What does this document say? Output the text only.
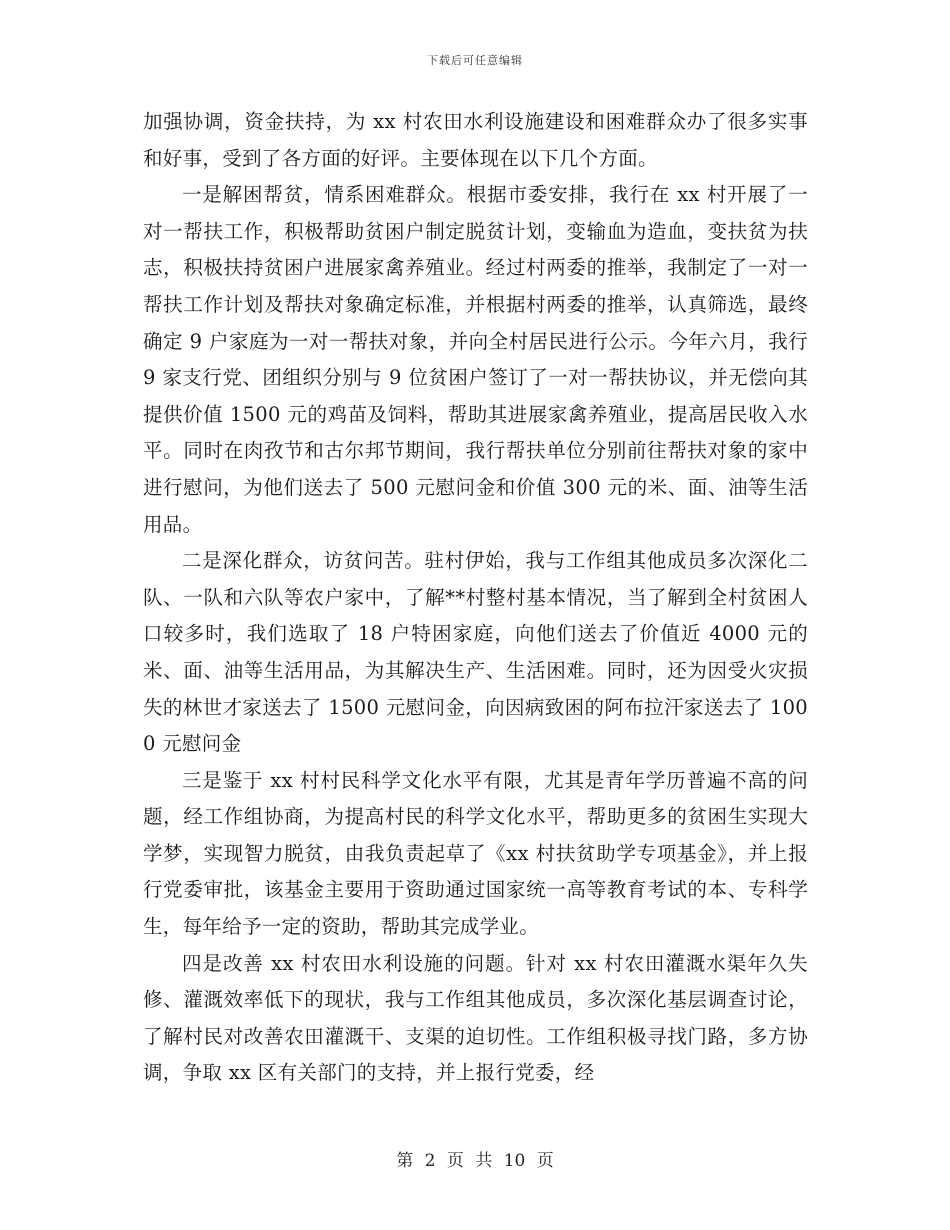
下载后可任意编辑

加强协调，资金扶持，为 xx 村农田水利设施建设和困难群众办了很多实事和好事，受到了各方面的好评。主要体现在以下几个方面。

一是解困帮贫，情系困难群众。根据市委安排，我行在 xx 村开展了一对一帮扶工作，积极帮助贫困户制定脱贫计划，变输血为造血，变扶贫为扶志，积极扶持贫困户进展家禽养殖业。经过村两委的推举，我制定了一对一帮扶工作计划及帮扶对象确定标准，并根据村两委的推举，认真筛选，最终确定 9 户家庭为一对一帮扶对象，并向全村居民进行公示。今年六月，我行 9 家支行党、团组织分别与 9 位贫困户签订了一对一帮扶协议，并无偿向其提供价值 1500 元的鸡苗及饲料，帮助其进展家禽养殖业，提高居民收入水平。同时在肉孜节和古尔邦节期间，我行帮扶单位分别前往帮扶对象的家中进行慰问，为他们送去了 500 元慰问金和价值 300 元的米、面、油等生活用品。

二是深化群众，访贫问苦。驻村伊始，我与工作组其他成员多次深化二队、一队和六队等农户家中，了解**村整村基本情况，当了解到全村贫困人口较多时，我们选取了 18 户特困家庭，向他们送去了价值近 4000 元的米、面、油等生活用品，为其解决生产、生活困难。同时，还为因受火灾损失的林世才家送去了 1500 元慰问金，向因病致困的阿布拉汗家送去了 1000 元慰问金

三是鉴于 xx 村村民科学文化水平有限，尤其是青年学历普遍不高的问题，经工作组协商，为提高村民的科学文化水平，帮助更多的贫困生实现大学梦，实现智力脱贫，由我负责起草了《xx 村扶贫助学专项基金》，并上报行党委审批，该基金主要用于资助通过国家统一高等教育考试的本、专科学生，每年给予一定的资助，帮助其完成学业。

四是改善 xx 村农田水利设施的问题。针对 xx 村农田灌溉水渠年久失修、灌溉效率低下的现状，我与工作组其他成员，多次深化基层调查讨论，了解村民对改善农田灌溉干、支渠的迫切性。工作组积极寻找门路，多方协调，争取 xx 区有关部门的支持，并上报行党委，经

第 2 页 共 10 页
